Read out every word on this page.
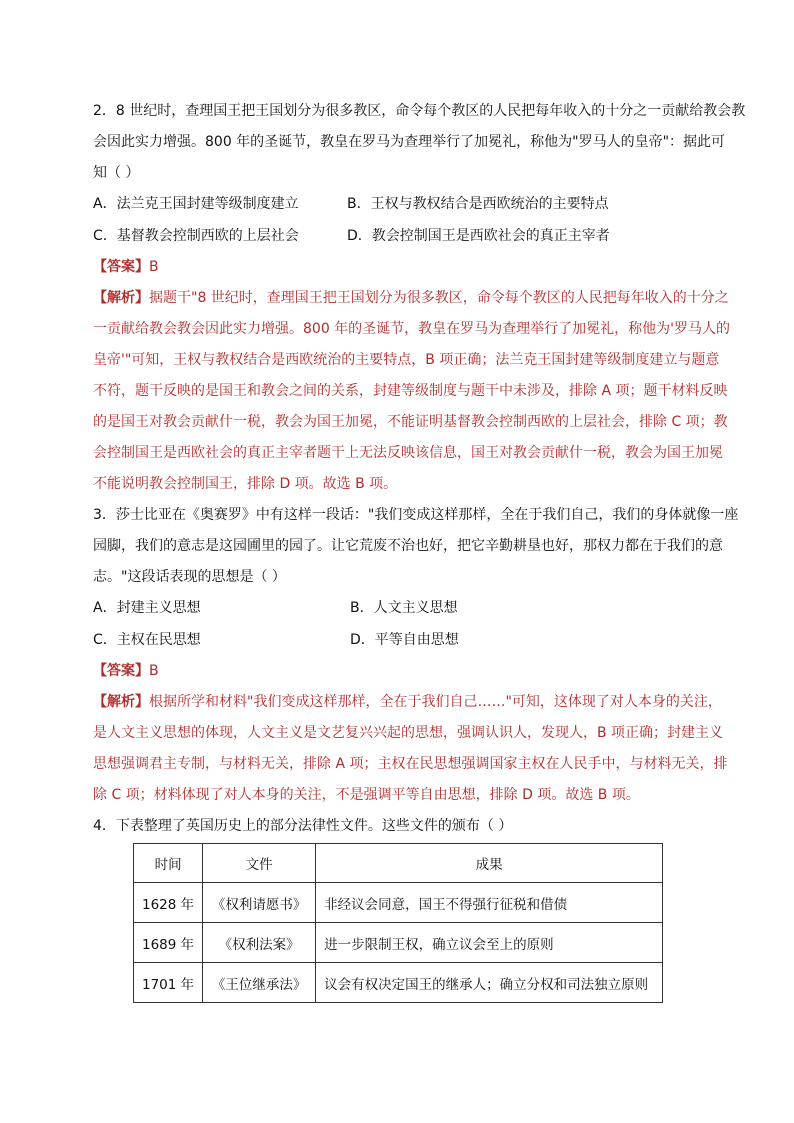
2．8 世纪时，查理国王把王国划分为很多教区，命令每个教区的人民把每年收入的十分之一贡献给教会教
会因此实力增强。800 年的圣诞节，教皇在罗马为查理举行了加冕礼，称他为"罗马人的皇帝"：据此可
知（ ）
A．法兰克王国封建等级制度建立	B．王权与教权结合是西欧统治的主要特点
C．基督教会控制西欧的上层社会	D．教会控制国王是西欧社会的真正主宰者
【答案】B
【解析】据题干"8 世纪时，查理国王把王国划分为很多教区，命令每个教区的人民把每年收入的十分之
一贡献给教会教会因此实力增强。800 年的圣诞节，教皇在罗马为查理举行了加冕礼，称他为'罗马人的
皇帝'"可知，王权与教权结合是西欧统治的主要特点，B 项正确；法兰克王国封建等级制度建立与题意
不符，题干反映的是国王和教会之间的关系，封建等级制度与题干中未涉及，排除 A 项；题干材料反映
的是国王对教会贡献什一税，教会为国王加冕，不能证明基督教会控制西欧的上层社会，排除 C 项；教
会控制国王是西欧社会的真正主宰者题干上无法反映该信息，国王对教会贡献什一税，教会为国王加冕
不能说明教会控制国王，排除 D 项。故选 B 项。
3．莎士比亚在《奥赛罗》中有这样一段话："我们变成这样那样，全在于我们自己，我们的身体就像一座
园脚，我们的意志是这园圃里的园了。让它荒废不治也好，把它辛勤耕垦也好，那权力都在于我们的意
志。"这段话表现的思想是（ ）
A．封建主义思想	B．人文主义思想
C．主权在民思想	D．平等自由思想
【答案】B
【解析】根据所学和材料"我们变成这样那样，全在于我们自己……"可知，这体现了对人本身的关注，
是人文主义思想的体现，人文主义是文艺复兴兴起的思想，强调认识人，发现人，B 项正确；封建主义
思想强调君主专制，与材料无关，排除 A 项；主权在民思想强调国家主权在人民手中，与材料无关，排
除 C 项；材料体现了对人本身的关注，不是强调平等自由思想，排除 D 项。故选 B 项。
4．下表整理了英国历史上的部分法律性文件。这些文件的颁布（ ）
时间	文件	成果
1628 年	《权利请愿书》	非经议会同意，国王不得强行征税和借债
1689 年	《权利法案》	进一步限制王权，确立议会至上的原则
1701 年	《王位继承法》	议会有权决定国王的继承人；确立分权和司法独立原则
